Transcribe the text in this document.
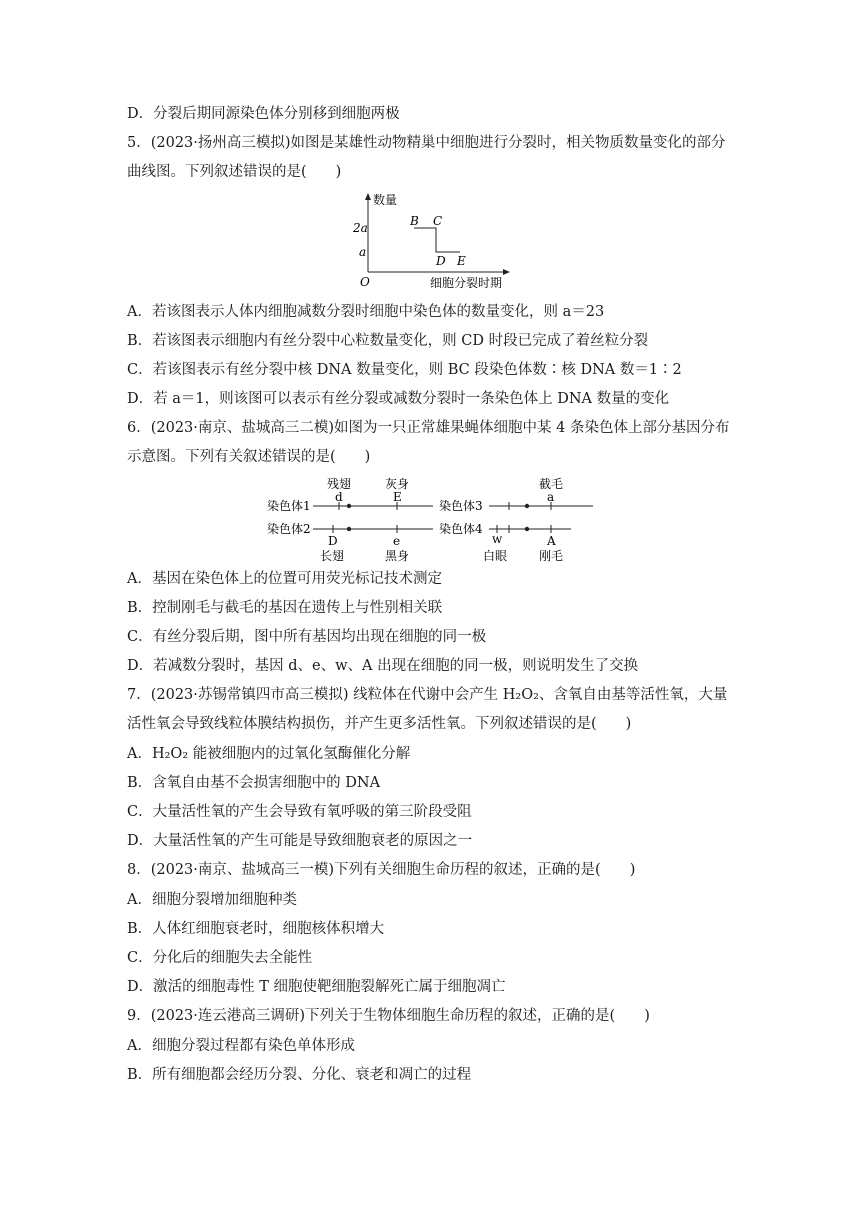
D．分裂后期同源染色体分别移到细胞两极
5．(2023·扬州高三模拟)如图是某雄性动物精巢中细胞进行分裂时，相关物质数量变化的部分
曲线图。下列叙述错误的是(　　)
数量
细胞分裂时期
O
2a
a
B C
D E
A．若该图表示人体内细胞减数分裂时细胞中染色体的数量变化，则 a＝23
B．若该图表示细胞内有丝分裂中心粒数量变化，则 CD 时段已完成了着丝粒分裂
C．若该图表示有丝分裂中核 DNA 数量变化，则 BC 段染色体数∶核 DNA 数＝1∶2
D．若 a＝1，则该图可以表示有丝分裂或减数分裂时一条染色体上 DNA 数量的变化
6．(2023·南京、盐城高三二模)如图为一只正常雄果蝇体细胞中某 4 条染色体上部分基因分布
示意图。下列有关叙述错误的是(　　)
染色体1
残翅
d
灰身
E
染色体2
D
长翅
e
黑身
染色体3
截毛
a
染色体4
w
白眼
A
刚毛
A．基因在染色体上的位置可用荧光标记技术测定
B．控制刚毛与截毛的基因在遗传上与性别相关联
C．有丝分裂后期，图中所有基因均出现在细胞的同一极
D．若减数分裂时，基因 d、e、w、A 出现在细胞的同一极，则说明发生了交换
7．(2023·苏锡常镇四市高三模拟) 线粒体在代谢中会产生 H₂O₂、含氧自由基等活性氧，大量
活性氧会导致线粒体膜结构损伤，并产生更多活性氧。下列叙述错误的是(　　)
A．H₂O₂ 能被细胞内的过氧化氢酶催化分解
B．含氧自由基不会损害细胞中的 DNA
C．大量活性氧的产生会导致有氧呼吸的第三阶段受阻
D．大量活性氧的产生可能是导致细胞衰老的原因之一
8．(2023·南京、盐城高三一模)下列有关细胞生命历程的叙述，正确的是(　　)
A．细胞分裂增加细胞种类
B．人体红细胞衰老时，细胞核体积增大
C．分化后的细胞失去全能性
D．激活的细胞毒性 T 细胞使靶细胞裂解死亡属于细胞凋亡
9．(2023·连云港高三调研)下列关于生物体细胞生命历程的叙述，正确的是(　　)
A．细胞分裂过程都有染色单体形成
B．所有细胞都会经历分裂、分化、衰老和凋亡的过程
